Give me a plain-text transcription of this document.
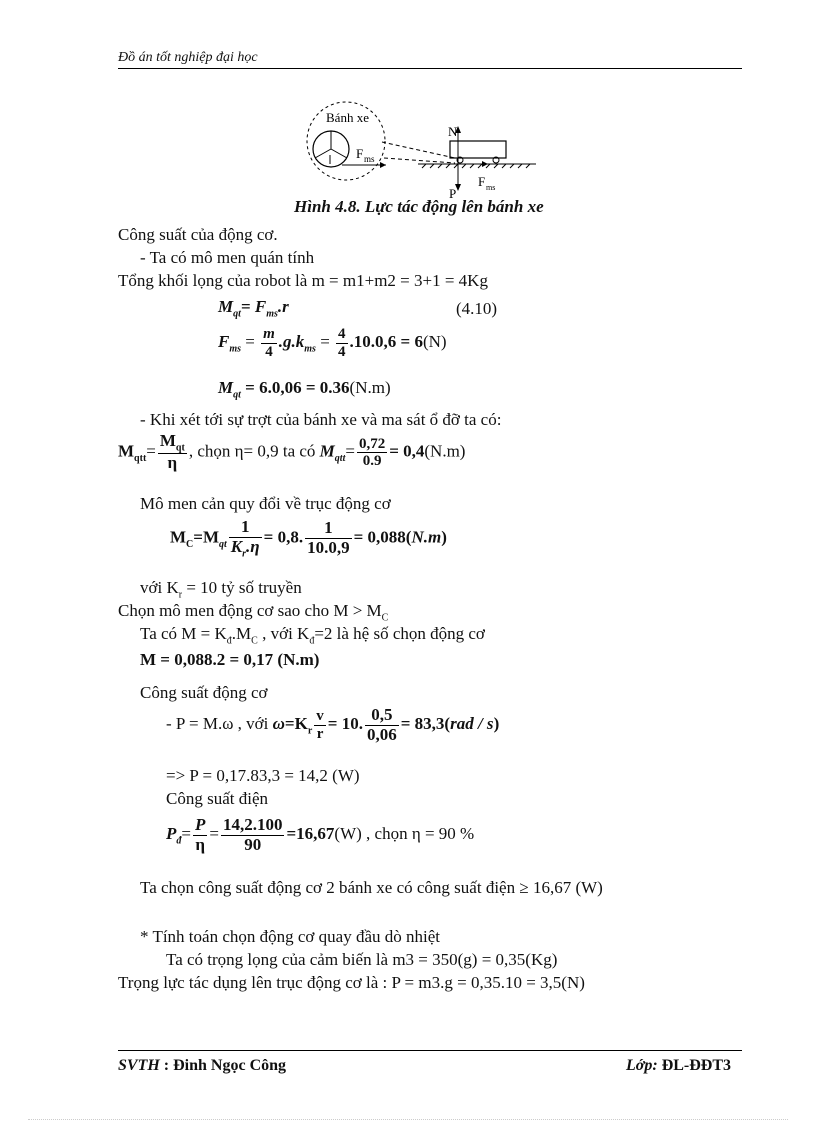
Đồ án tốt nghiệp đại học
Bánh xe
F ms
N
P
F ms
Hình 4.8. Lực tác động lên bánh xe
Công suất của động cơ.
- Ta có mô men quán tính
Tổng khối lọng của robot là m = m1+m2 = 3+1 = 4Kg
$M_{qt}= F_{ms}.r$	(4.10)
$F_{ms} = \frac{m}{4} .g.k_{ms} = \frac{4}{4} .10.0,6 = 6(N)$
$M_{qt} = 6.0,06 = 0.36(N.m)$
- Khi xét tới sự trợt của bánh xe và ma sát ổ đỡ ta có:
$M_{qtt}= \frac{M_{qt}}{\eta}$ , chọn η= 0,9 ta có $M_{qtt}= \frac{0,72}{0.9} = 0,4(N.m)$
Mô men cản quy đổi về trục động cơ
$M_C=M_{qt} \frac{1}{K_r.\eta} = 0,8$. $\frac{1}{10.0,9} = 0,088(N.m)$
với $K_r = 10$ tỷ số truyền
Chọn mô men động cơ sao cho $M > M_C$
Ta có $M = K_đ.M_C$ , với $K_đ=2$ là hệ số chọn động cơ
M = 0,088.2 = 0,17 (N.m)
Công suất động cơ
- P = M.ω , với $\omega=K_r \frac{v}{r} = 10$. $\frac{0,5}{0,06} = 83,3(rad / s)$
=> P = 0,17.83,3 = 14,2 (W)
Công suất điện
$P_đ= \frac{P}{\eta} = \frac{14,2.100}{90} =16,67(W)$ , chọn η = 90 %
Ta chọn công suất động cơ 2 bánh xe có công suất điện ≥ 16,67 (W)
* Tính toán chọn động cơ quay đầu dò nhiệt
Ta có trọng lọng của cảm biến là m3 = 350(g) = 0,35(Kg)
Trọng lực tác dụng lên trục động cơ là : P = m3.g = 0,35.10 = 3,5(N)
SVTH : Đinh Ngọc Công	Lớp: ĐL-ĐĐT3
